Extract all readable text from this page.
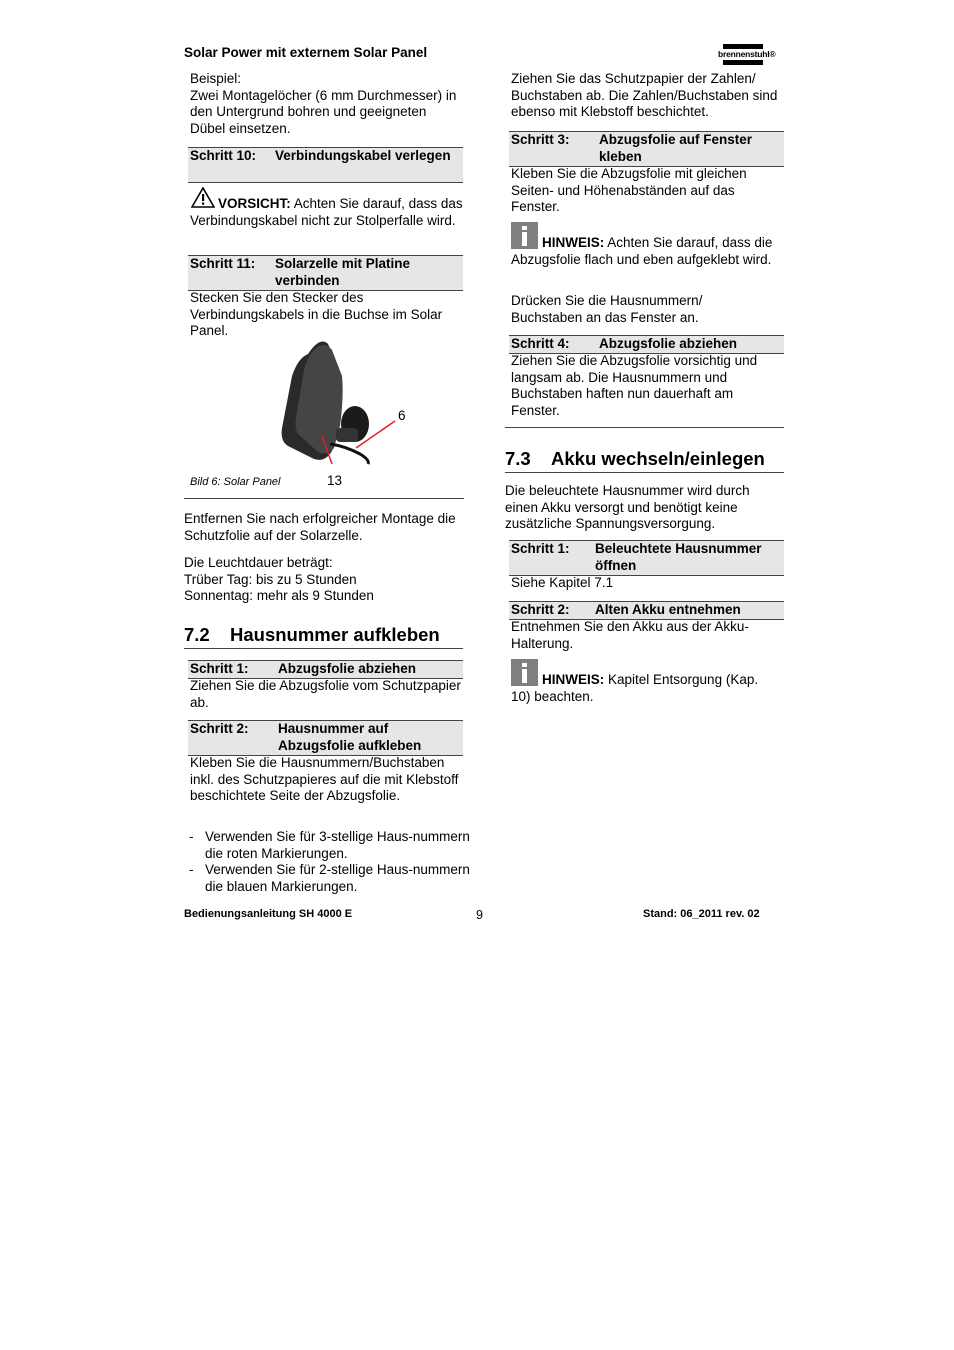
Solar Power mit externem Solar Panel	brennenstuhl®
Beispiel:
Zwei Montagelöcher (6 mm Durchmesser) in den Untergrund bohren und geeigneten Dübel einsetzen.
Schritt 10: Verbindungskabel verlegen
VORSICHT: Achten Sie darauf, dass das Verbindungskabel nicht zur Stolperfalle wird.
Schritt 11: Solarzelle mit Platine verbinden
Stecken Sie den Stecker des Verbindungskabels in die Buchse im Solar Panel.
6
13
Bild 6: Solar Panel
Entfernen Sie nach erfolgreicher Montage die Schutzfolie auf der Solarzelle.
Die Leuchtdauer beträgt:
Trüber Tag: bis zu 5 Stunden
Sonnentag: mehr als 9 Stunden
7.2 Hausnummer aufkleben
Schritt 1: Abzugsfolie abziehen
Ziehen Sie die Abzugsfolie vom Schutzpapier ab.
Schritt 2: Hausnummer auf Abzugsfolie aufkleben
Kleben Sie die Hausnummern/Buchstaben inkl. des Schutzpapieres auf die mit Klebstoff beschichtete Seite der Abzugsfolie.
- Verwenden Sie für 3-stellige Haus-nummern die roten Markierungen.
- Verwenden Sie für 2-stellige Haus-nummern die blauen Markierungen.
Ziehen Sie das Schutzpapier der Zahlen/ Buchstaben ab. Die Zahlen/Buchstaben sind ebenso mit Klebstoff beschichtet.
Schritt 3: Abzugsfolie auf Fenster kleben
Kleben Sie die Abzugsfolie mit gleichen Seiten- und Höhenabständen auf das Fenster.
HINWEIS: Achten Sie darauf, dass die Abzugsfolie flach und eben aufgeklebt wird.
Drücken Sie die Hausnummern/ Buchstaben an das Fenster an.
Schritt 4: Abzugsfolie abziehen
Ziehen Sie die Abzugsfolie vorsichtig und langsam ab. Die Hausnummern und Buchstaben haften nun dauerhaft am Fenster.
7.3 Akku wechseln/einlegen
Die beleuchtete Hausnummer wird durch einen Akku versorgt und benötigt keine zusätzliche Spannungsversorgung.
Schritt 1: Beleuchtete Hausnummer öffnen
Siehe Kapitel 7.1
Schritt 2: Alten Akku entnehmen
Entnehmen Sie den Akku aus der Akku-Halterung.
HINWEIS: Kapitel Entsorgung (Kap. 10) beachten.
Bedienungsanleitung SH 4000 E	9	Stand: 06_2011 rev. 02
